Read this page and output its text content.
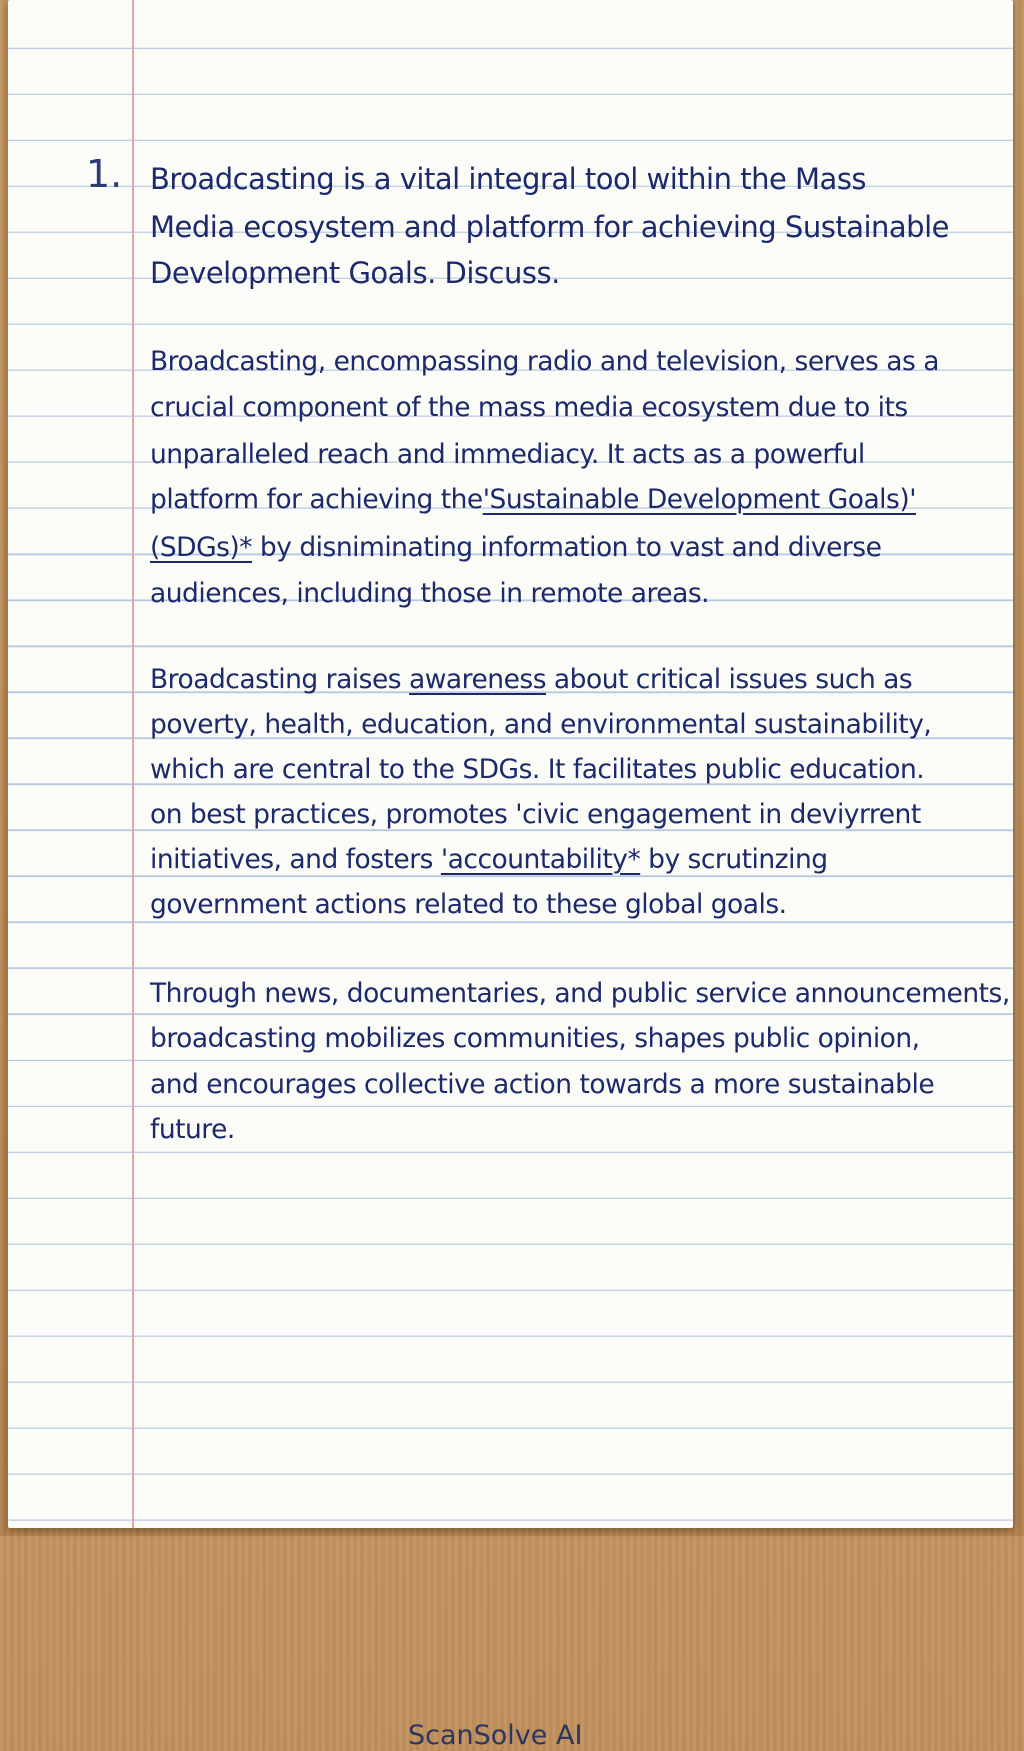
1. Broadcasting is a vital integral tool within the Mass
Media ecosystem and platform for achieving Sustainable
Development Goals. Discuss.
Broadcasting, encompassing radio and television, serves as a
crucial component of the mass media ecosystem due to its
unparalleled reach and immediacy. It acts as a powerful
platform for achieving the'Sustainable Development Goals)'
(SDGs)* by disniminating information to vast and diverse
audiences, including those in remote areas.
Broadcasting raises awareness about critical issues such as
poverty, health, education, and environmental sustainability,
which are central to the SDGs. It facilitates public education.
on best practices, promotes 'civic engagement in deviyrrent
initiatives, and fosters 'accountability* by scrutinzing
government actions related to these global goals.
Through news, documentaries, and public service announcements,
broadcasting mobilizes communities, shapes public opinion,
and encourages collective action towards a more sustainable
future.
ScanSolve AI
